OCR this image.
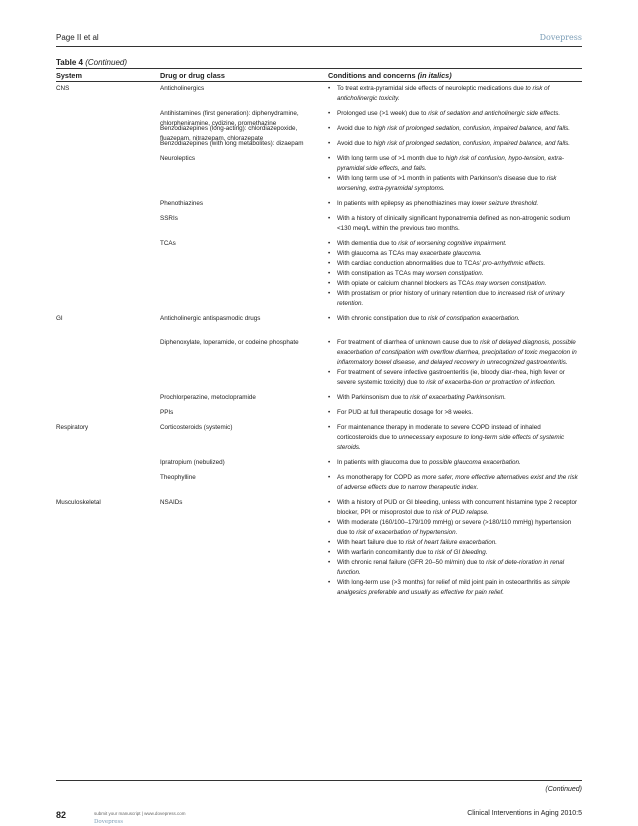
Page II et al	Dovepress
Table 4 (Continued)
System	Drug or drug class	Conditions and concerns (in italics)
CNS	Anticholinergics	• To treat extra-pyramidal side effects of neuroleptic medications due to risk of anticholinergic toxicity.
Antihistamines (first generation): diphenydramine, chlorpheniramine, cydizine, promethazine
• Prolonged use (>1 week) due to risk of sedation and anticholinergic side effects.
Benzodiazepines (long-acting): chlordiazepoxide, fluazepam, nitrazepam, chlorazepate
• Avoid due to high risk of prolonged sedation, confusion, impaired balance, and falls.
Benzodiazepines (with long metabolites): dizaepam	• Avoid due to high risk of prolonged sedation, confusion, impaired balance, and falls.
Neuroleptics	• With long term use of >1 month due to high risk of confusion, hypo-tension, extra-pyramidal side effects, and falls.
• With long term use of >1 month in patients with Parkinson's disease due to risk worsening, extra-pyramidal symptoms.
Phenothiazines	• In patients with epilepsy as phenothiazines may lower seizure threshold.
SSRIs	• With a history of clinically significant hyponatremia defined as non-atrogenic sodium <130 meq/L within the previous two months.
TCAs	• With dementia due to risk of worsening cognitive impairment.
• With glaucoma as TCAs may exacerbate glaucoma.
• With cardiac conduction abnormalities due to TCAs' pro-arrhythmic effects.
• With constipation as TCAs may worsen constipation.
• With opiate or calcium channel blockers as TCAs may worsen constipation.
• With prostatism or prior history of urinary retention due to increased risk of urinary retention.
GI	Anticholinergic antispasmodic drugs	• With chronic constipation due to risk of constipation exacerbation.
Diphenoxylate, loperamide, or codeine phosphate	• For treatment of diarrhea of unknown cause due to risk of delayed diagnosis, possible exacerbation of constipation with overflow diarrhea, precipitation of toxic megacolon in inflammatory bowel disease, and delayed recovery in unrecognized gastroenteritis.
• For treatment of severe infective gastroenteritis (ie, bloody diar-rhea, high fever or severe systemic toxicity) due to risk of exacerba-tion or protraction of infection.
Prochlorperazine, metoclopramide	• With Parkinsonism due to risk of exacerbating Parkinsonism.
PPIs	• For PUD at full therapeutic dosage for >8 weeks.
Respiratory	Corticosteroids (systemic)	• For maintenance therapy in moderate to severe COPD instead of inhaled corticosteroids due to unnecessary exposure to long-term side effects of systemic steroids.
Ipratropium (nebulized)	• In patients with glaucoma due to possible glaucoma exacerbation.
Theophylline	• As monotherapy for COPD as more safer, more effective alternatives exist and the risk of adverse effects due to narrow therapeutic index.
Musculoskeletal	NSAIDs	• With a history of PUD or GI bleeding, unless with concurrent histamine type 2 receptor blocker, PPI or misoprostol due to risk of PUD relapse.
• With moderate (160/100–179/109 mmHg) or severe (>180/110 mmHg) hypertension due to risk of exacerbation of hypertension.
• With heart failure due to risk of heart failure exacerbation.
• With warfarin concomitantly due to risk of GI bleeding.
• With chronic renal failure (GFR 20–50 ml/min) due to risk of dete-rioration in renal function.
• With long-term use (>3 months) for relief of mild joint pain in osteoarthritis as simple analgesics preferable and usually as effective for pain relief.
(Continued)
82	submit your manuscript | www.dovepress.com
Dovepress
Clinical Interventions in Aging 2010:5
